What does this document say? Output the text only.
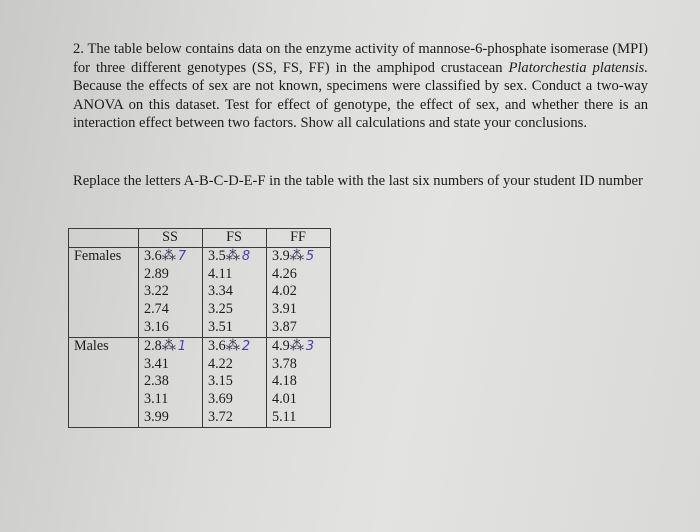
2. The table below contains data on the enzyme activity of mannose-6-phosphate isomerase (MPI) for three different genotypes (SS, FS, FF) in the amphipod crustacean Platorchestia platensis. Because the effects of sex are not known, specimens were classified by sex. Conduct a two-way ANOVA on this dataset. Test for effect of genotype, the effect of sex, and whether there is an interaction effect between two factors. Show all calculations and state your conclusions.
Replace the letters A-B-C-D-E-F in the table with the last six numbers of your student ID number
	SS	FS	FF
Females	3.6⁂ 7	3.5⁂ 8	3.9⁂ 5
	2.89	4.11	4.26
	3.22	3.34	4.02
	2.74	3.25	3.91
	3.16	3.51	3.87
Males	2.8⁂ 1	3.6⁂ 2	4.9⁂ 3
	3.41	4.22	3.78
	2.38	3.15	4.18
	3.11	3.69	4.01
	3.99	3.72	5.11
